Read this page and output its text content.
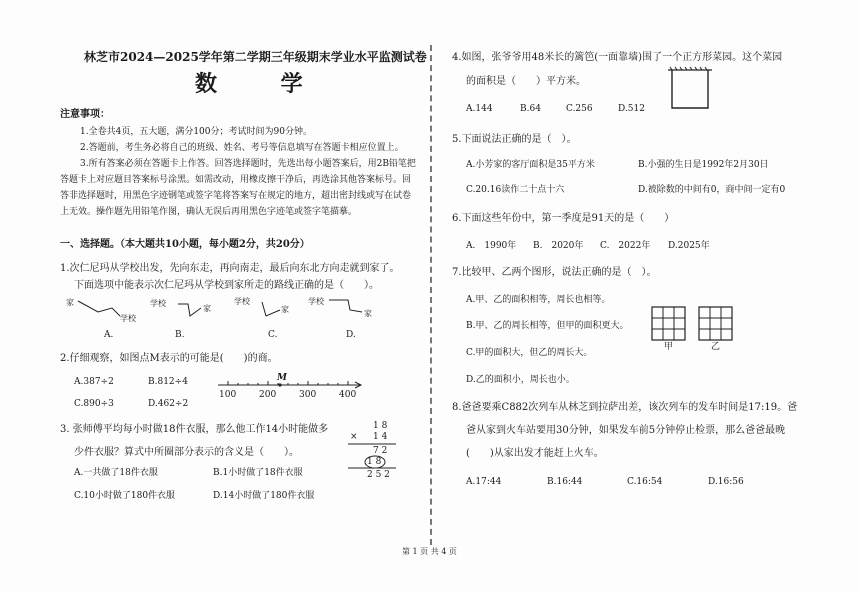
林芝市2024—2025学年第二学期三年级期末学业水平监测试卷
数 学
注意事项：
1.全卷共4页，五大题，满分100分；考试时间为90分钟。
2.答题前，考生务必将自己的班级、姓名、考号等信息填写在答题卡相应位置上。
3.所有答案必须在答题卡上作答。回答选择题时，先选出每小题答案后，用2B铅笔把
答题卡上对应题目答案标号涂黑。如需改动，用橡皮擦干净后，再选涂其他答案标号。回
答非选择题时，用黑色字迹钢笔或签字笔将答案写在规定的地方，超出密封线或写在试卷
上无效。操作题先用铅笔作图，确认无误后再用黑色字迹笔或签字笔描摹。
一、选择题。（本大题共10小题，每小题2分，共20分）
1.次仁尼玛从学校出发，先向东走，再向南走，最后向东北方向走就到家了。
下面选项中能表示次仁尼玛从学校到家所走的路线正确的是（　　）。
家
学校
学校
家
学校
家
学校
家
A.	B.	C.	D.
2.仔细观察，如图点M表示的可能是(　　)的商。
A.387÷2	B.812÷4
C.890÷3	D.462÷2
M
100	200	300	400
3. 张师傅平均每小时做18件衣服，那么他工作14小时能做多
少件衣服？算式中所圈部分表示的含义是（　　）。
A.一共做了18件衣服	B.1小时做了18件衣服
C.10小时做了180件衣服	D.14小时做了180件衣服
1 8
× 1 4
7 2
1 8
2 5 2
4.如图，张爷爷用48米长的篱笆(一面靠墙)围了一个正方形菜园。这个菜园
的面积是（　　）平方米。
A.144	B.64	C.256	D.512
5.下面说法正确的是（　）。
A.小芳家的客厅面积是35平方米	B.小强的生日是1992年2月30日
C.20.16读作二十点十六	D.被除数的中间有0，商中间一定有0
6.下面这些年份中，第一季度是91天的是（　　）
A.　1990年 B.　2020年 C.　2022年 D.2025年
7.比较甲、乙两个图形，说法正确的是（　）。
A.甲、乙的面积相等，周长也相等。
B.甲、乙的周长相等，但甲的面积更大。
C.甲的面积大，但乙的周长大。
D.乙的面积小，周长也小。
甲	乙
8.爸爸要乘C882次列车从林芝到拉萨出差，该次列车的发车时间是17:19。爸
爸从家到火车站要用30分钟，如果发车前5分钟停止检票，那么爸爸最晚
(　　)从家出发才能赶上火车。
A.17:44	B.16:44	C.16:54	D.16:56
第 1 页 共 4 页
